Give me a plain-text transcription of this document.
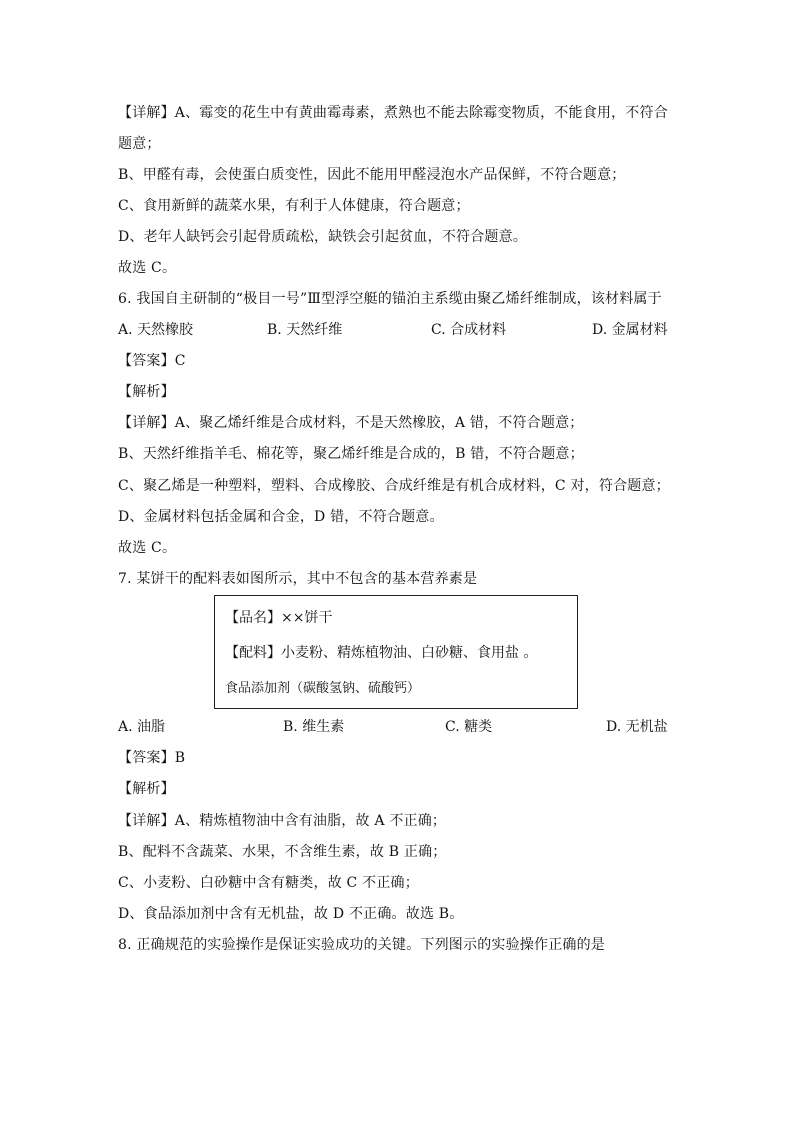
【详解】A、霉变的花生中有黄曲霉毒素，煮熟也不能去除霉变物质，不能食用，不符合
题意；
B、甲醛有毒，会使蛋白质变性，因此不能用甲醛浸泡水产品保鲜，不符合题意；
C、食用新鲜的蔬菜水果，有利于人体健康，符合题意；
D、老年人缺钙会引起骨质疏松，缺铁会引起贫血，不符合题意。
故选 C。
6. 我国自主研制的“极目一号”Ⅲ型浮空艇的锚泊主系缆由聚乙烯纤维制成，该材料属于
A. 天然橡胶	B. 天然纤维	C. 合成材料	D. 金属材料
【答案】C
【解析】
【详解】A、聚乙烯纤维是合成材料，不是天然橡胶，A 错，不符合题意；
B、天然纤维指羊毛、棉花等，聚乙烯纤维是合成的，B 错，不符合题意；
C、聚乙烯是一种塑料，塑料、合成橡胶、合成纤维是有机合成材料，C 对，符合题意；
D、金属材料包括金属和合金，D 错，不符合题意。
故选 C。
7. 某饼干的配料表如图所示，其中不包含的基本营养素是
【品名】××饼干
【配料】小麦粉、精炼植物油、白砂糖、食用盐 。
食品添加剂（碳酸氢钠、硫酸钙）
A. 油脂	B. 维生素	C. 糖类	D. 无机盐
【答案】B
【解析】
【详解】A、精炼植物油中含有油脂，故 A 不正确；
B、配料不含蔬菜、水果，不含维生素，故 B 正确；
C、小麦粉、白砂糖中含有糖类，故 C 不正确；
D、食品添加剂中含有无机盐，故 D 不正确。故选 B。
8. 正确规范的实验操作是保证实验成功的关键。下列图示的实验操作正确的是
